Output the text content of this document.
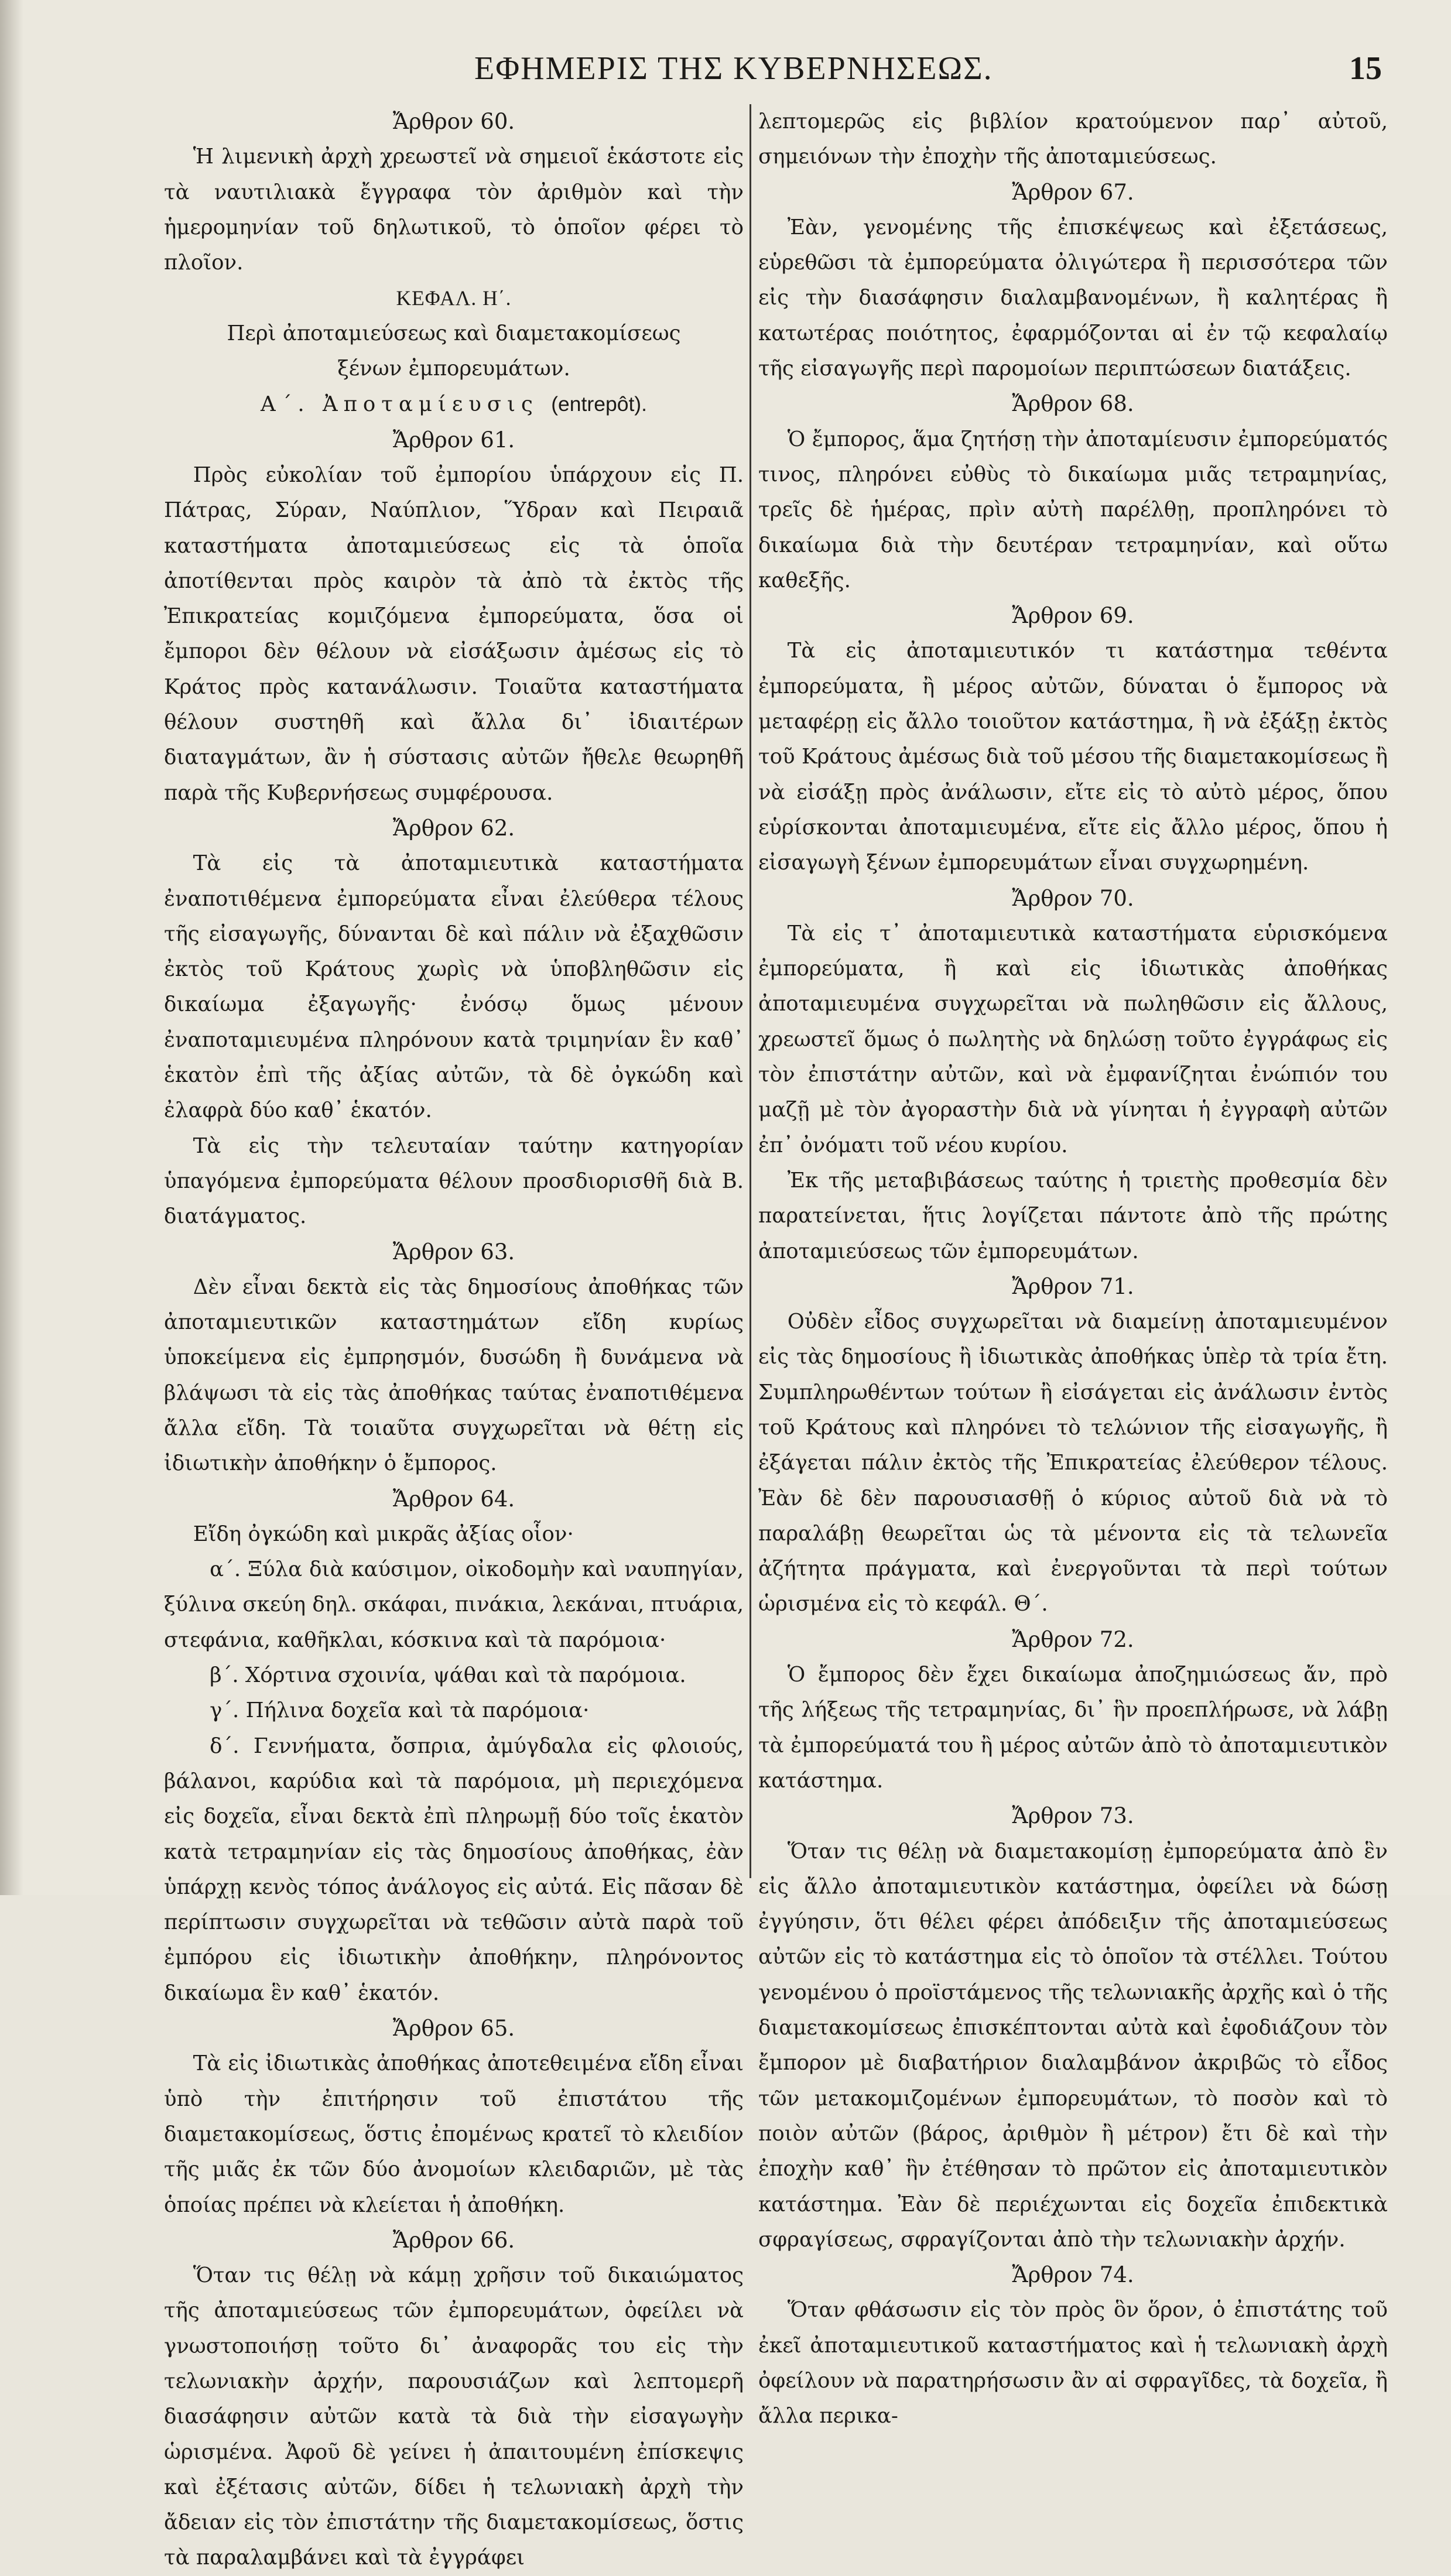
ΕΦΗΜΕΡΙΣ ΤΗΣ ΚΥΒΕΡΝΗΣΕΩΣ.	15
Ἄρθρον 60.

Ἡ λιμενικὴ ἀρχὴ χρεωστεῖ νὰ σημειοῖ ἑκάστοτε εἰς τὰ ναυτιλιακὰ ἔγγραφα τὸν ἀριθμὸν καὶ τὴν ἡμερομηνίαν τοῦ δηλωτικοῦ, τὸ ὁποῖον φέρει τὸ πλοῖον.

ΚΕΦΑΛ. Η΄.
Περὶ ἀποταμιεύσεως καὶ διαμετακομίσεως
ξένων ἐμπορευμάτων.
Α΄. Ἀποταμίευσις (entrepôt).
Ἄρθρον 61.

Πρὸς εὐκολίαν τοῦ ἐμπορίου ὑπάρχουν εἰς Π. Πάτρας, Σύραν, Ναύπλιον, Ὕδραν καὶ Πειραιᾶ καταστήματα ἀποταμιεύσεως εἰς τὰ ὁποῖα ἀποτίθενται πρὸς καιρὸν τὰ ἀπὸ τὰ ἐκτὸς τῆς Ἐπικρατείας κομιζόμενα ἐμπορεύματα, ὅσα οἱ ἔμποροι δὲν θέλουν νὰ εἰσάξωσιν ἀμέσως εἰς τὸ Κράτος πρὸς κατανάλωσιν. Τοιαῦτα καταστήματα θέλουν συστηθῆ καὶ ἄλλα δι᾽ ἰδιαιτέρων διαταγμάτων, ἂν ἡ σύστασις αὐτῶν ἤθελε θεωρηθῆ παρὰ τῆς Κυβερνήσεως συμφέρουσα.

Ἄρθρον 62.

Τὰ εἰς τὰ ἀποταμιευτικὰ καταστήματα ἐναποτιθέμενα ἐμπορεύματα εἶναι ἐλεύθερα τέλους τῆς εἰσαγωγῆς, δύνανται δὲ καὶ πάλιν νὰ ἐξαχθῶσιν ἐκτὸς τοῦ Κράτους χωρὶς νὰ ὑποβληθῶσιν εἰς δικαίωμα ἐξαγωγῆς· ἐνόσῳ ὅμως μένουν ἐναποταμιευμένα πληρόνουν κατὰ τριμηνίαν ἓν καθ᾽ ἑκατὸν ἐπὶ τῆς ἀξίας αὐτῶν, τὰ δὲ ὀγκώδη καὶ ἐλαφρὰ δύο καθ᾽ ἑκατόν.

Τὰ εἰς τὴν τελευταίαν ταύτην κατηγορίαν ὑπαγόμενα ἐμπορεύματα θέλουν προσδιορισθῆ διὰ Β. διατάγματος.

Ἄρθρον 63.

Δὲν εἶναι δεκτὰ εἰς τὰς δημοσίους ἀποθήκας τῶν ἀποταμιευτικῶν καταστημάτων εἴδη κυρίως ὑποκείμενα εἰς ἐμπρησμόν, δυσώδη ἢ δυνάμενα νὰ βλάψωσι τὰ εἰς τὰς ἀποθήκας ταύτας ἐναποτιθέμενα ἄλλα εἴδη. Τὰ τοιαῦτα συγχωρεῖται νὰ θέτῃ εἰς ἰδιωτικὴν ἀποθήκην ὁ ἔμπορος.

Ἄρθρον 64.

Εἴδη ὀγκώδη καὶ μικρᾶς ἀξίας οἷον·

α΄. Ξύλα διὰ καύσιμον, οἰκοδομὴν καὶ ναυπηγίαν, ξύλινα σκεύη δηλ. σκάφαι, πινάκια, λεκάναι, πτυάρια, στεφάνια, καθῆκλαι, κόσκινα καὶ τὰ παρόμοια·

β΄. Χόρτινα σχοινία, ψάθαι καὶ τὰ παρόμοια.

γ΄. Πήλινα δοχεῖα καὶ τὰ παρόμοια·

δ΄. Γεννήματα, ὄσπρια, ἀμύγδαλα εἰς φλοιούς, βάλανοι, καρύδια καὶ τὰ παρόμοια, μὴ περιεχόμενα εἰς δοχεῖα, εἶναι δεκτὰ ἐπὶ πληρωμῇ δύο τοῖς ἑκατὸν κατὰ τετραμηνίαν εἰς τὰς δημοσίους ἀποθήκας, ἐὰν ὑπάρχῃ κενὸς τόπος ἀνάλογος εἰς αὐτά. Εἰς πᾶσαν δὲ περίπτωσιν συγχωρεῖται νὰ τεθῶσιν αὐτὰ παρὰ τοῦ ἐμπόρου εἰς ἰδιωτικὴν ἀποθήκην, πληρόνοντος δικαίωμα ἓν καθ᾽ ἑκατόν.

Ἄρθρον 65.

Τὰ εἰς ἰδιωτικὰς ἀποθήκας ἀποτεθειμένα εἴδη εἶναι ὑπὸ τὴν ἐπιτήρησιν τοῦ ἐπιστάτου τῆς διαμετακομίσεως, ὅστις ἐπομένως κρατεῖ τὸ κλειδίον τῆς μιᾶς ἐκ τῶν δύο ἀνομοίων κλειδαριῶν, μὲ τὰς ὁποίας πρέπει νὰ κλείεται ἡ ἀποθήκη.

Ἄρθρον 66.

Ὅταν τις θέλῃ νὰ κάμῃ χρῆσιν τοῦ δικαιώματος τῆς ἀποταμιεύσεως τῶν ἐμπορευμάτων, ὀφείλει νὰ γνωστοποιήσῃ τοῦτο δι᾽ ἀναφορᾶς του εἰς τὴν τελωνιακὴν ἀρχήν, παρουσιάζων καὶ λεπτομερῆ διασάφησιν αὐτῶν κατὰ τὰ διὰ τὴν εἰσαγωγὴν ὡρισμένα. Ἀφοῦ δὲ γείνει ἡ ἀπαιτουμένη ἐπίσκεψις καὶ ἐξέτασις αὐτῶν, δίδει ἡ τελωνιακὴ ἀρχὴ τὴν ἄδειαν εἰς τὸν ἐπιστάτην τῆς διαμετακομίσεως, ὅστις τὰ παραλαμβάνει καὶ τὰ ἐγγράφει

λεπτομερῶς εἰς βιβλίον κρατούμενον παρ᾽ αὐτοῦ, σημειόνων τὴν ἐποχὴν τῆς ἀποταμιεύσεως.

Ἄρθρον 67.

Ἐὰν, γενομένης τῆς ἐπισκέψεως καὶ ἐξετάσεως, εὑρεθῶσι τὰ ἐμπορεύματα ὀλιγώτερα ἢ περισσότερα τῶν εἰς τὴν διασάφησιν διαλαμβανομένων, ἢ καλητέρας ἢ κατωτέρας ποιότητος, ἐφαρμόζονται αἱ ἐν τῷ κεφαλαίῳ τῆς εἰσαγωγῆς περὶ παρομοίων περιπτώσεων διατάξεις.

Ἄρθρον 68.

Ὁ ἔμπορος, ἅμα ζητήσῃ τὴν ἀποταμίευσιν ἐμπορεύματός τινος, πληρόνει εὐθὺς τὸ δικαίωμα μιᾶς τετραμηνίας, τρεῖς δὲ ἡμέρας, πρὶν αὐτὴ παρέλθῃ, προπληρόνει τὸ δικαίωμα διὰ τὴν δευτέραν τετραμηνίαν, καὶ οὕτω καθεξῆς.

Ἄρθρον 69.

Τὰ εἰς ἀποταμιευτικόν τι κατάστημα τεθέντα ἐμπορεύματα, ἢ μέρος αὐτῶν, δύναται ὁ ἔμπορος νὰ μεταφέρῃ εἰς ἄλλο τοιοῦτον κατάστημα, ἢ νὰ ἐξάξῃ ἐκτὸς τοῦ Κράτους ἀμέσως διὰ τοῦ μέσου τῆς διαμετακομίσεως ἢ νὰ εἰσάξῃ πρὸς ἀνάλωσιν, εἴτε εἰς τὸ αὐτὸ μέρος, ὅπου εὑρίσκονται ἀποταμιευμένα, εἴτε εἰς ἄλλο μέρος, ὅπου ἡ εἰσαγωγὴ ξένων ἐμπορευμάτων εἶναι συγχωρημένη.

Ἄρθρον 70.

Τὰ εἰς τ᾽ ἀποταμιευτικὰ καταστήματα εὑρισκόμενα ἐμπορεύματα, ἢ καὶ εἰς ἰδιωτικὰς ἀποθήκας ἀποταμιευμένα συγχωρεῖται νὰ πωληθῶσιν εἰς ἄλλους, χρεωστεῖ ὅμως ὁ πωλητὴς νὰ δηλώσῃ τοῦτο ἐγγράφως εἰς τὸν ἐπιστάτην αὐτῶν, καὶ νὰ ἐμφανίζηται ἐνώπιόν του μαζῇ μὲ τὸν ἀγοραστὴν διὰ νὰ γίνηται ἡ ἐγγραφὴ αὐτῶν ἐπ᾽ ὀνόματι τοῦ νέου κυρίου.

Ἐκ τῆς μεταβιβάσεως ταύτης ἡ τριετὴς προθεσμία δὲν παρατείνεται, ἥτις λογίζεται πάντοτε ἀπὸ τῆς πρώτης ἀποταμιεύσεως τῶν ἐμπορευμάτων.

Ἄρθρον 71.

Οὐδὲν εἶδος συγχωρεῖται νὰ διαμείνῃ ἀποταμιευμένον εἰς τὰς δημοσίους ἢ ἰδιωτικὰς ἀποθήκας ὑπὲρ τὰ τρία ἔτη. Συμπληρωθέντων τούτων ἢ εἰσάγεται εἰς ἀνάλωσιν ἐντὸς τοῦ Κράτους καὶ πληρόνει τὸ τελώνιον τῆς εἰσαγωγῆς, ἢ ἐξάγεται πάλιν ἐκτὸς τῆς Ἐπικρατείας ἐλεύθερον τέλους. Ἐὰν δὲ δὲν παρουσιασθῇ ὁ κύριος αὐτοῦ διὰ νὰ τὸ παραλάβῃ θεωρεῖται ὡς τὰ μένοντα εἰς τὰ τελωνεῖα ἀζήτητα πράγματα, καὶ ἐνεργοῦνται τὰ περὶ τούτων ὡρισμένα εἰς τὸ κεφάλ. Θ΄.

Ἄρθρον 72.

Ὁ ἔμπορος δὲν ἔχει δικαίωμα ἀποζημιώσεως ἄν, πρὸ τῆς λήξεως τῆς τετραμηνίας, δι᾽ ἣν προεπλήρωσε, νὰ λάβῃ τὰ ἐμπορεύματά του ἢ μέρος αὐτῶν ἀπὸ τὸ ἀποταμιευτικὸν κατάστημα.

Ἄρθρον 73.

Ὅταν τις θέλῃ νὰ διαμετακομίσῃ ἐμπορεύματα ἀπὸ ἓν εἰς ἄλλο ἀποταμιευτικὸν κατάστημα, ὀφείλει νὰ δώσῃ ἐγγύησιν, ὅτι θέλει φέρει ἀπόδειξιν τῆς ἀποταμιεύσεως αὐτῶν εἰς τὸ κατάστημα εἰς τὸ ὁποῖον τὰ στέλλει. Τούτου γενομένου ὁ προϊστάμενος τῆς τελωνιακῆς ἀρχῆς καὶ ὁ τῆς διαμετακομίσεως ἐπισκέπτονται αὐτὰ καὶ ἐφοδιάζουν τὸν ἔμπορον μὲ διαβατήριον διαλαμβάνον ἀκριβῶς τὸ εἶδος τῶν μετακομιζομένων ἐμπορευμάτων, τὸ ποσὸν καὶ τὸ ποιὸν αὐτῶν (βάρος, ἀριθμὸν ἢ μέτρον) ἔτι δὲ καὶ τὴν ἐποχὴν καθ᾽ ἣν ἐτέθησαν τὸ πρῶτον εἰς ἀποταμιευτικὸν κατάστημα. Ἐὰν δὲ περιέχωνται εἰς δοχεῖα ἐπιδεκτικὰ σφραγίσεως, σφραγίζονται ἀπὸ τὴν τελωνιακὴν ἀρχήν.

Ἄρθρον 74.

Ὅταν φθάσωσιν εἰς τὸν πρὸς ὃν ὅρον, ὁ ἐπιστάτης τοῦ ἐκεῖ ἀποταμιευτικοῦ καταστήματος καὶ ἡ τελωνιακὴ ἀρχὴ ὀφείλουν νὰ παρατηρήσωσιν ἂν αἱ σφραγῖδες, τὰ δοχεῖα, ἢ ἄλλα περικα-
